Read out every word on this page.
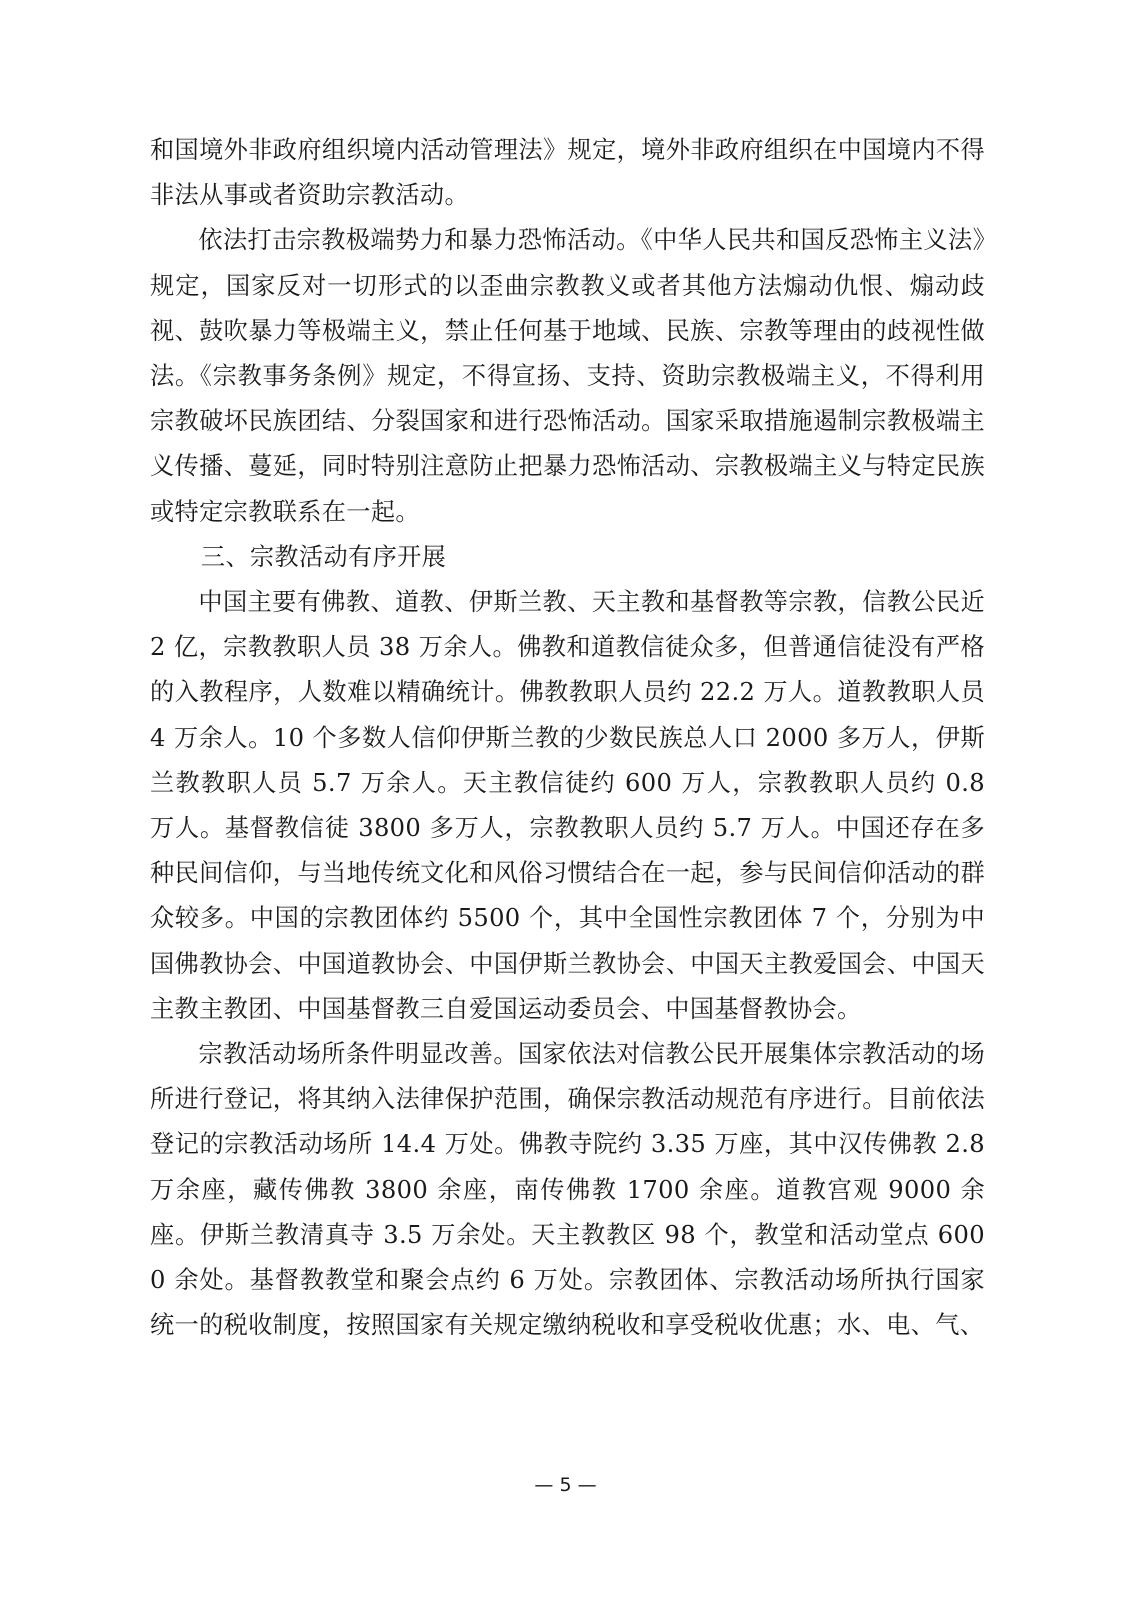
和国境外非政府组织境内活动管理法》规定，境外非政府组织在中国境内不得非法从事或者资助宗教活动。

依法打击宗教极端势力和暴力恐怖活动。《中华人民共和国反恐怖主义法》规定，国家反对一切形式的以歪曲宗教教义或者其他方法煽动仇恨、煽动歧视、鼓吹暴力等极端主义，禁止任何基于地域、民族、宗教等理由的歧视性做法。《宗教事务条例》规定，不得宣扬、支持、资助宗教极端主义，不得利用宗教破坏民族团结、分裂国家和进行恐怖活动。国家采取措施遏制宗教极端主义传播、蔓延，同时特别注意防止把暴力恐怖活动、宗教极端主义与特定民族或特定宗教联系在一起。

三、宗教活动有序开展

中国主要有佛教、道教、伊斯兰教、天主教和基督教等宗教，信教公民近 2 亿，宗教教职人员 38 万余人。佛教和道教信徒众多，但普通信徒没有严格的入教程序，人数难以精确统计。佛教教职人员约 22.2 万人。道教教职人员 4 万余人。10 个多数人信仰伊斯兰教的少数民族总人口 2000 多万人，伊斯兰教教职人员 5.7 万余人。天主教信徒约 600 万人，宗教教职人员约 0.8 万人。基督教信徒 3800 多万人，宗教教职人员约 5.7 万人。中国还存在多种民间信仰，与当地传统文化和风俗习惯结合在一起，参与民间信仰活动的群众较多。中国的宗教团体约 5500 个，其中全国性宗教团体 7 个，分别为中国佛教协会、中国道教协会、中国伊斯兰教协会、中国天主教爱国会、中国天主教主教团、中国基督教三自爱国运动委员会、中国基督教协会。

宗教活动场所条件明显改善。国家依法对信教公民开展集体宗教活动的场所进行登记，将其纳入法律保护范围，确保宗教活动规范有序进行。目前依法登记的宗教活动场所 14.4 万处。佛教寺院约 3.35 万座，其中汉传佛教 2.8 万余座，藏传佛教 3800 余座，南传佛教 1700 余座。道教宫观 9000 余座。伊斯兰教清真寺 3.5 万余处。天主教教区 98 个，教堂和活动堂点 6000 余处。基督教教堂和聚会点约 6 万处。宗教团体、宗教活动场所执行国家统一的税收制度，按照国家有关规定缴纳税收和享受税收优惠；水、电、气、

— 5 —
